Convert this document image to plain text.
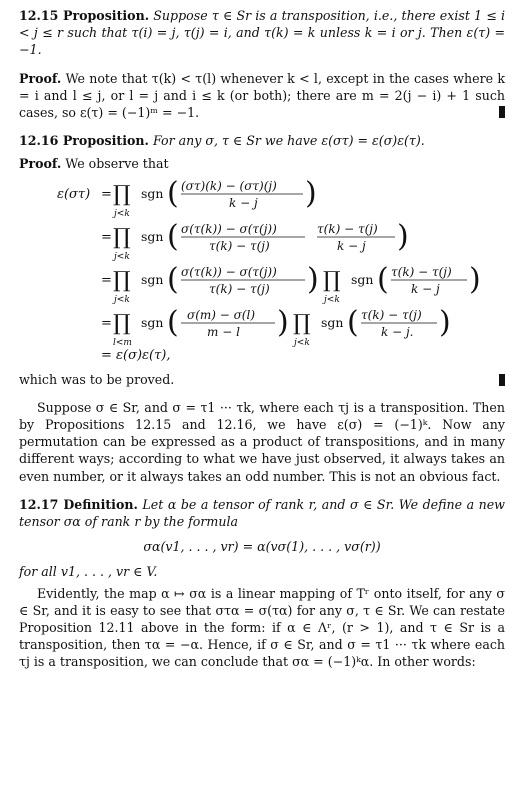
12.15 Proposition. Suppose τ ∈ Sr is a transposition, i.e., there exist 1 ≤ i < j ≤ r such that τ(i) = j, τ(j) = i, and τ(k) = k unless k = i or j. Then ε(τ) = −1.

Proof. We note that τ(k) < τ(l) whenever k < l, except in the cases where k = i and l ≤ j, or l = j and i ≤ k (or both); there are m = 2(j − i) + 1 such cases, so ε(τ) = (−1)ᵐ = −1.

12.16 Proposition. For any σ, τ ∈ Sr we have ε(στ) = ε(σ)ε(τ).

Proof. We observe that

ε(στ) = ∏
j<k
sgn ( (στ)(k) − (στ)(j)
k − j )
= ∏
j<k
sgn ( σ(τ(k)) − σ(τ(j))
τ(k) − τ(j)
τ(k) − τ(j)
k − j )
= ∏
j<k
sgn ( σ(τ(k)) − σ(τ(j))
τ(k) − τ(j) ) ∏
j<k
sgn ( τ(k) − τ(j)
k − j )
= ∏
l<m
sgn ( σ(m) − σ(l)
m − l ) ∏
j<k
sgn ( τ(k) − τ(j)
k − j. )
= ε(σ)ε(τ),
which was to be proved.

Suppose σ ∈ Sr, and σ = τ1 ··· τk, where each τj is a transposition. Then by Propositions 12.15 and 12.16, we have ε(σ) = (−1)ᵏ. Now any permutation can be expressed as a product of transpositions, and in many different ways; according to what we have just observed, it always takes an even number, or it always takes an odd number. This is not an obvious fact.

12.17 Definition. Let α be a tensor of rank r, and σ ∈ Sr. We define a new tensor σα of rank r by the formula

σα(v1, . . . , vr) = α(vσ(1), . . . , vσ(r))

for all v1, . . . , vr ∈ V.

Evidently, the map α ↦ σα is a linear mapping of Tʳ onto itself, for any σ ∈ Sr, and it is easy to see that στα = σ(τα) for any σ, τ ∈ Sr. We can restate Proposition 12.11 above in the form: if α ∈ Λʳ, (r > 1), and τ ∈ Sr is a transposition, then τα = −α. Hence, if σ ∈ Sr, and σ = τ1 ··· τk where each τj is a transposition, we can conclude that σα = (−1)ᵏα. In other words:
